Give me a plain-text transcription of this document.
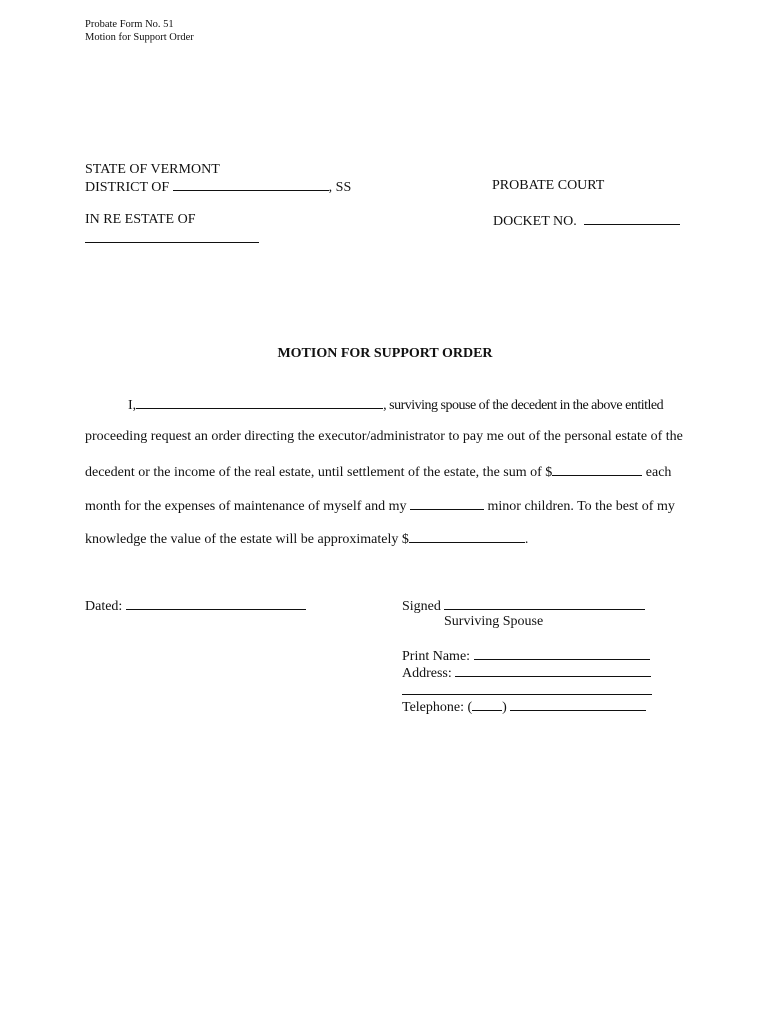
Probate Form No. 51
Motion for Support Order
STATE OF VERMONT
DISTRICT OF	, SS	PROBATE COURT
IN RE ESTATE OF	DOCKET NO.
MOTION FOR SUPPORT ORDER
I,	, surviving spouse of the decedent in the above entitled
proceeding request an order directing the executor/administrator to pay me out of the personal estate of the
decedent or the income of the real estate, until settlement of the estate, the sum of $	each
month for the expenses of maintenance of myself and my	minor children. To the best of my
knowledge the value of the estate will be approximately $	.
Dated:	Signed
Surviving Spouse
Print Name:
Address:
Telephone: ( )
